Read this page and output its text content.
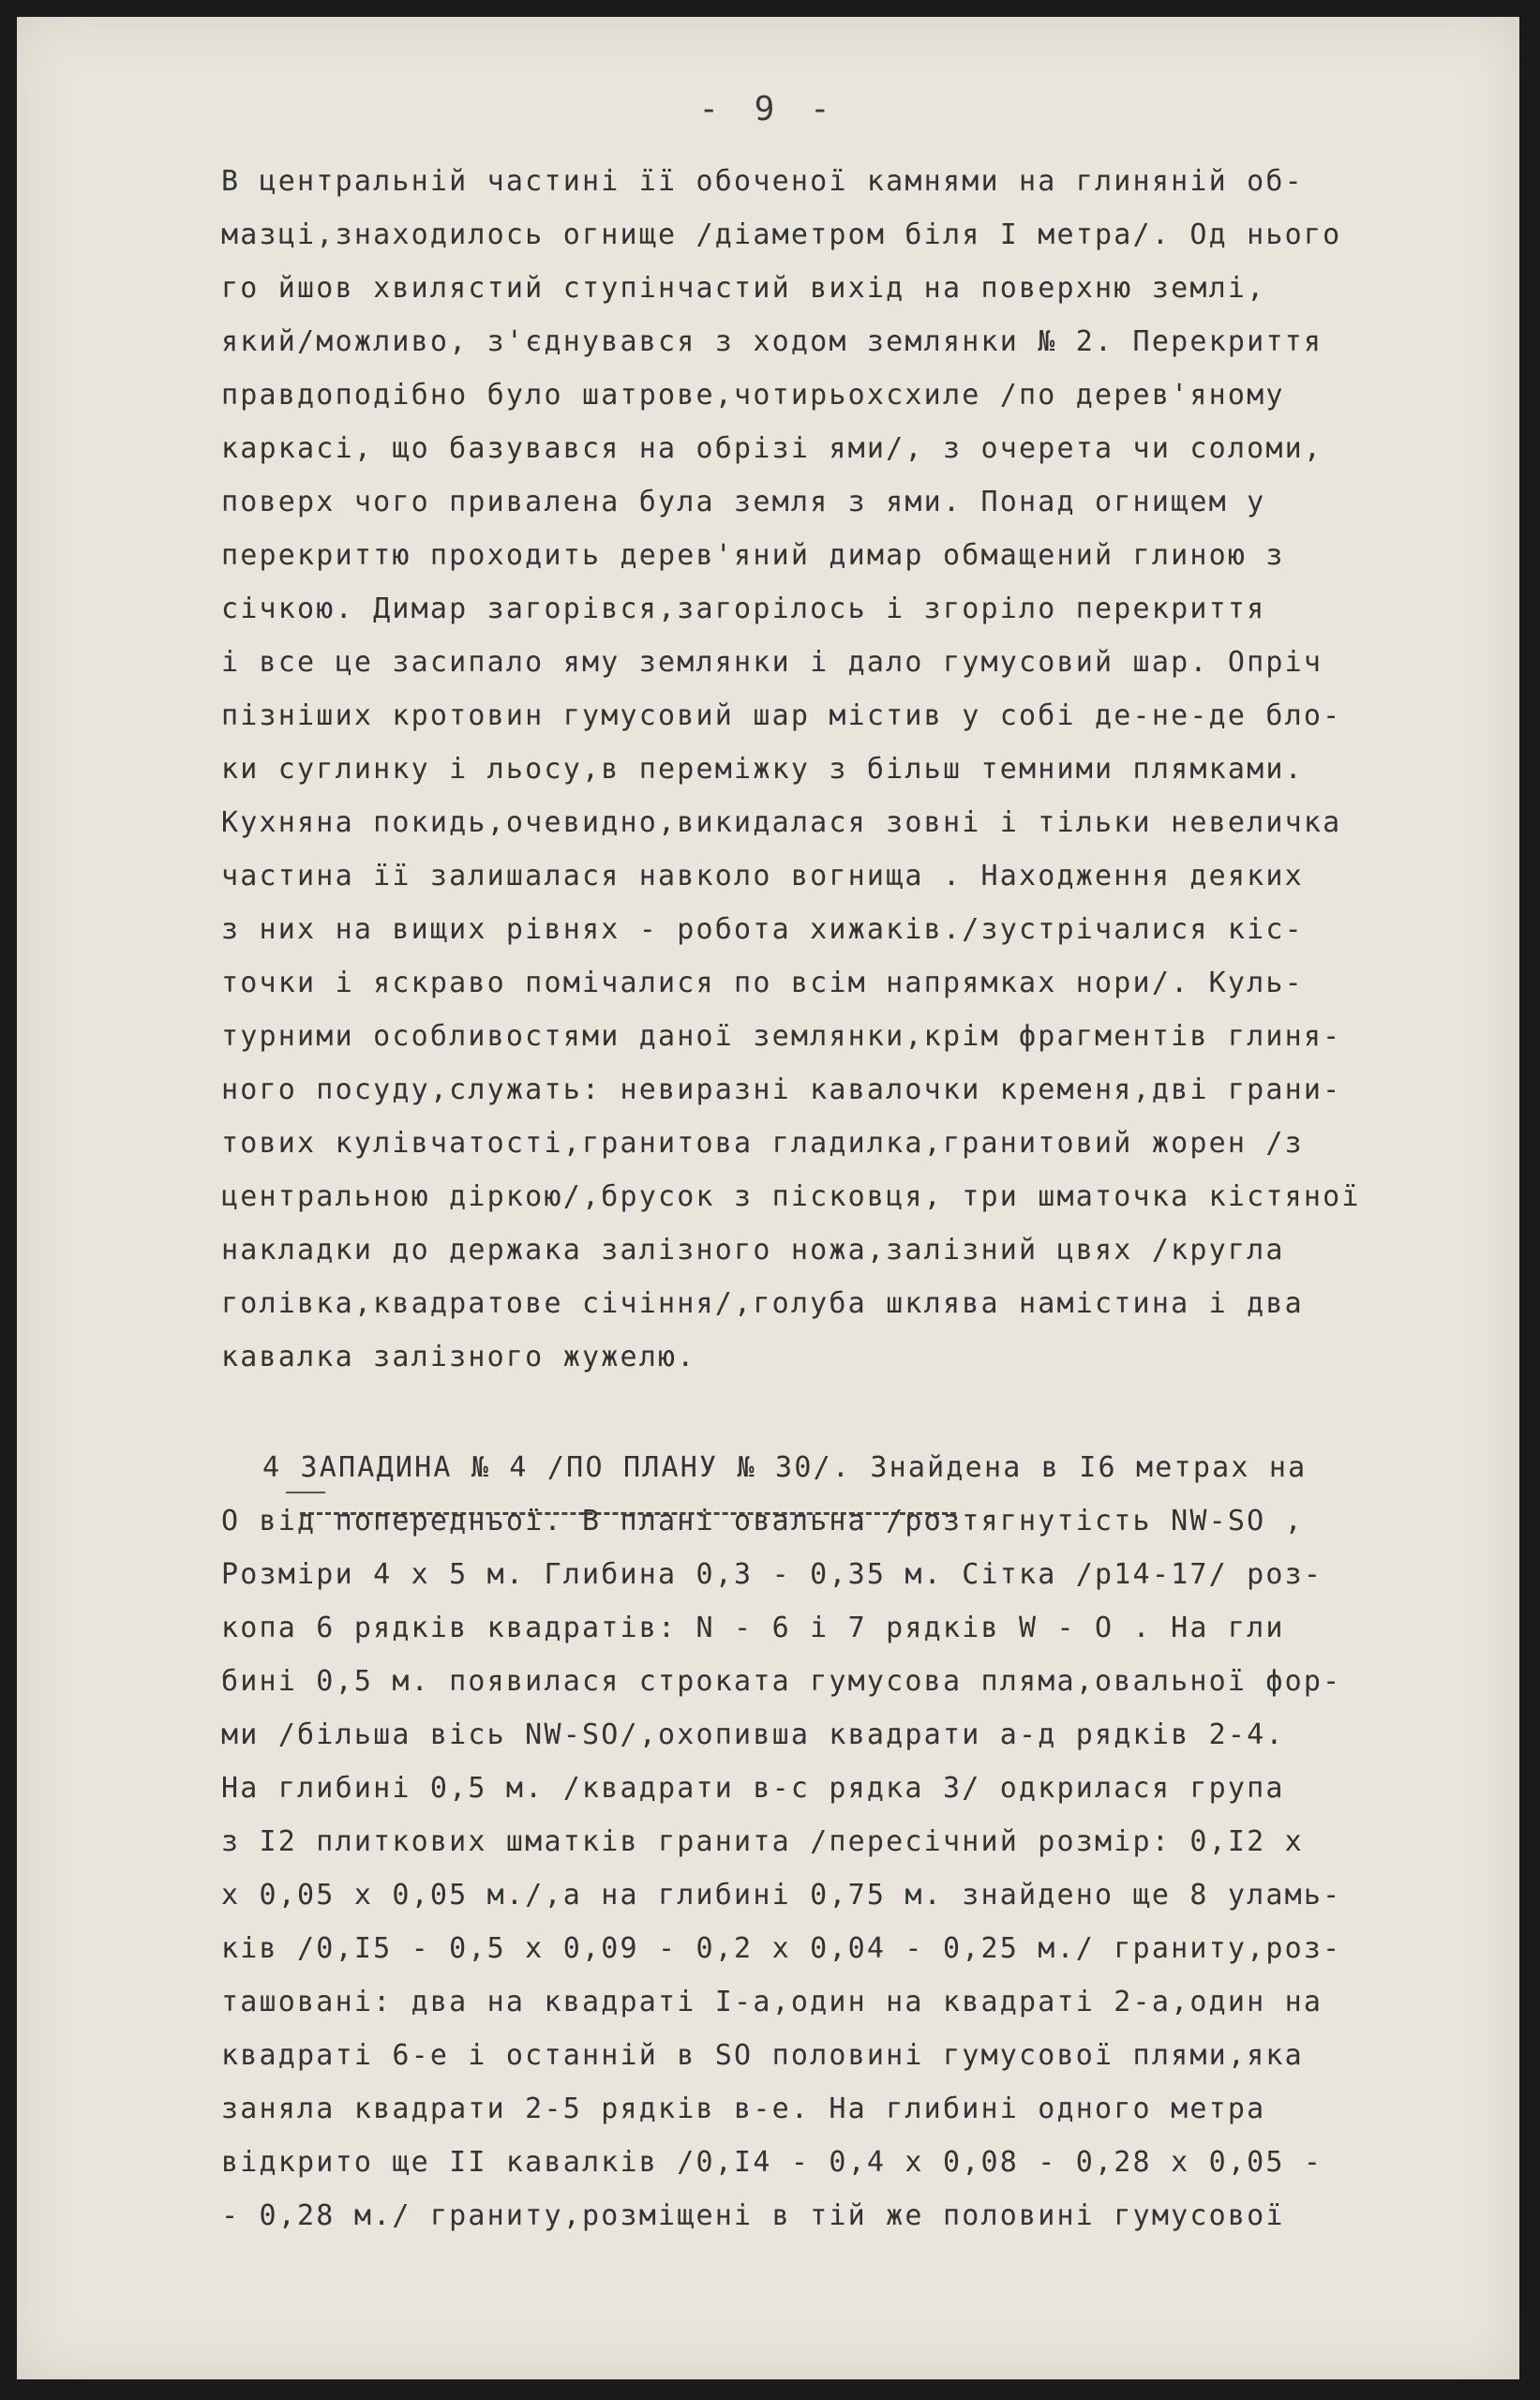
- 9 -
В центральній частині її обоченої камнями на глиняній об-
мазці,знаходилось огнище /діаметром біля I метра/. Од нього
го йшов хвилястий ступінчастий вихід на поверхню землі,
який/можливо, з'єднувався з ходом землянки № 2. Перекриття
правдоподібно було шатрове,чотирьохсхиле /по дерев'яному
каркасі, що базувався на обрізі ями/, з очерета чи соломи,
поверх чого привалена була земля з ями. Понад огнищем у
перекриттю проходить дерев'яний димар обмащений глиною з
січкою. Димар загорівся,загорілось і згоріло перекриття
і все це засипало яму землянки і дало гумусовий шар. Опріч
пізніших кротовин гумусовий шар містив у собі де-не-де бло-
ки суглинку і льосу,в переміжку з більш темними плямками.
Кухняна покидь,очевидно,викидалася зовні і тільки невеличка
частина її залишалася навколо вогнища . Находження деяких
з них на вищих рівнях - робота хижаків./зустрічалися кіс-
точки і яскраво помічалися по всім напрямках нори/. Куль-
турними особливостями даної землянки,крім фрагментів глиня-
ного посуду,служать: невиразні кавалочки кременя,дві грани-
тових кулівчатості,гранитова гладилка,гранитовий жорен /з
центральною діркою/,брусок з пісковця, три шматочка кістяної
накладки до держака залізного ножа,залізний цвях /кругла
голівка,квадратове січіння/,голуба шклява намістина і два
кавалка залізного жужелю.
4 ЗАПАДИНА № 4 /ПО ПЛАНУ № 30/. Знайдена в I6 метрах на
О від попередньої. В плані овальна /розтягнутість NW-SO ,
Розміри 4 х 5 м. Глибина 0,3 - 0,35 м. Сітка /р14-17/ роз-
копа 6 рядків квадратів: N - 6 і 7 рядків W - O . На гли
бині 0,5 м. появилася строката гумусова пляма,овальної фор-
ми /більша вісь NW-SO/,охопивша квадрати а-д рядків 2-4.
На глибині 0,5 м. /квадрати в-с рядка 3/ одкрилася група
з I2 плиткових шматків гранита /пересічний розмір: 0,I2 х
х 0,05 х 0,05 м./,а на глибині 0,75 м. знайдено ще 8 уламь-
ків /0,I5 - 0,5 х 0,09 - 0,2 х 0,04 - 0,25 м./ граниту,роз-
ташовані: два на квадраті I-а,один на квадраті 2-а,один на
квадраті 6-е і останній в SO половині гумусової плями,яка
заняла квадрати 2-5 рядків в-е. На глибині одного метра
відкрито ще II кавалків /0,I4 - 0,4 х 0,08 - 0,28 х 0,05 -
- 0,28 м./ граниту,розміщені в тій же половині гумусової
